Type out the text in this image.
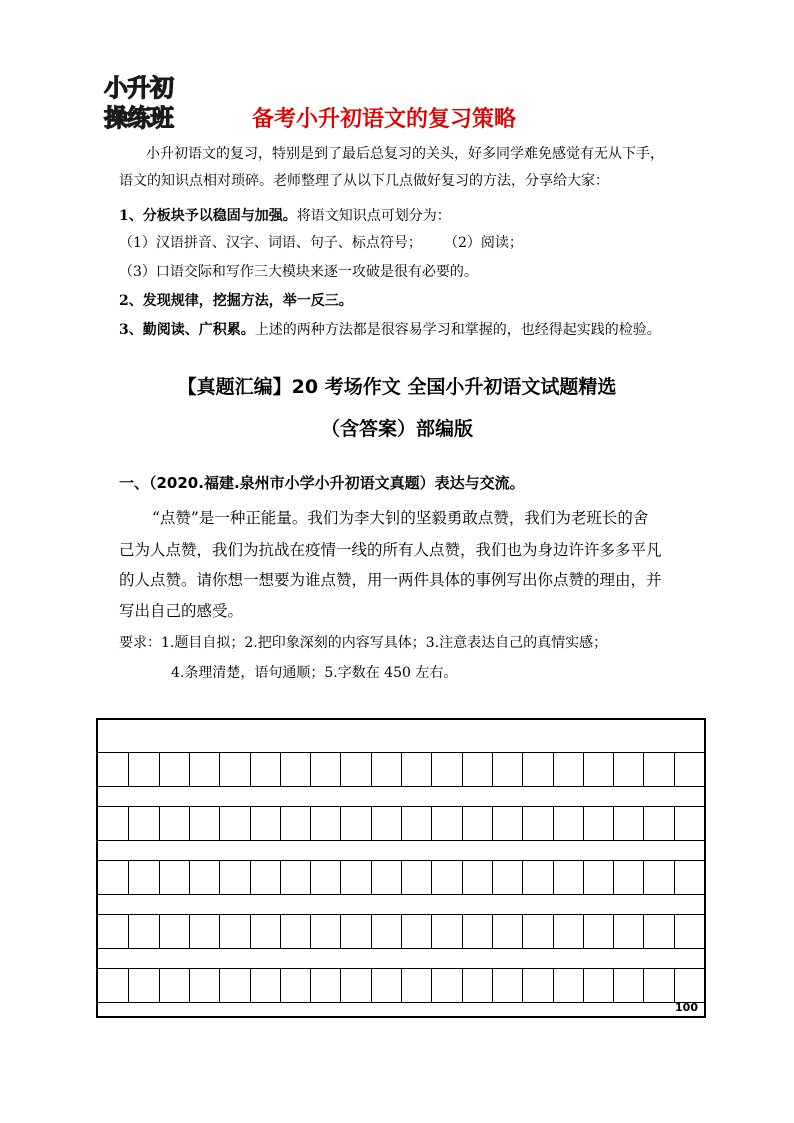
小升初
操练班	备考小升初语文的复习策略
小升初语文的复习，特别是到了最后总复习的关头，好多同学难免感觉有无从下手，
语文的知识点相对琐碎。老师整理了从以下几点做好复习的方法，分享给大家：
1、分板块予以稳固与加强。将语文知识点可划分为：
（1）汉语拼音、汉字、词语、句子、标点符号； （2）阅读；
（3）口语交际和写作三大模块来逐一攻破是很有必要的。
2、发现规律，挖掘方法，举一反三。
3、勤阅读、广积累。上述的两种方法都是很容易学习和掌握的，也经得起实践的检验。
【真题汇编】20 考场作文 全国小升初语文试题精选
（含答案）部编版
一、（2020.福建.泉州市小学小升初语文真题）表达与交流。
“点赞”是一种正能量。我们为李大钊的坚毅勇敢点赞，我们为老班长的舍
己为人点赞，我们为抗战在疫情一线的所有人点赞，我们也为身边许许多多平凡
的人点赞。请你想一想要为谁点赞，用一两件具体的事例写出你点赞的理由，并
写出自己的感受。
要求：1.题目自拟；2.把印象深刻的内容写具体；3.注意表达自己的真情实感；
4.条理清楚，语句通顺；5.字数在 450 左右。
100
